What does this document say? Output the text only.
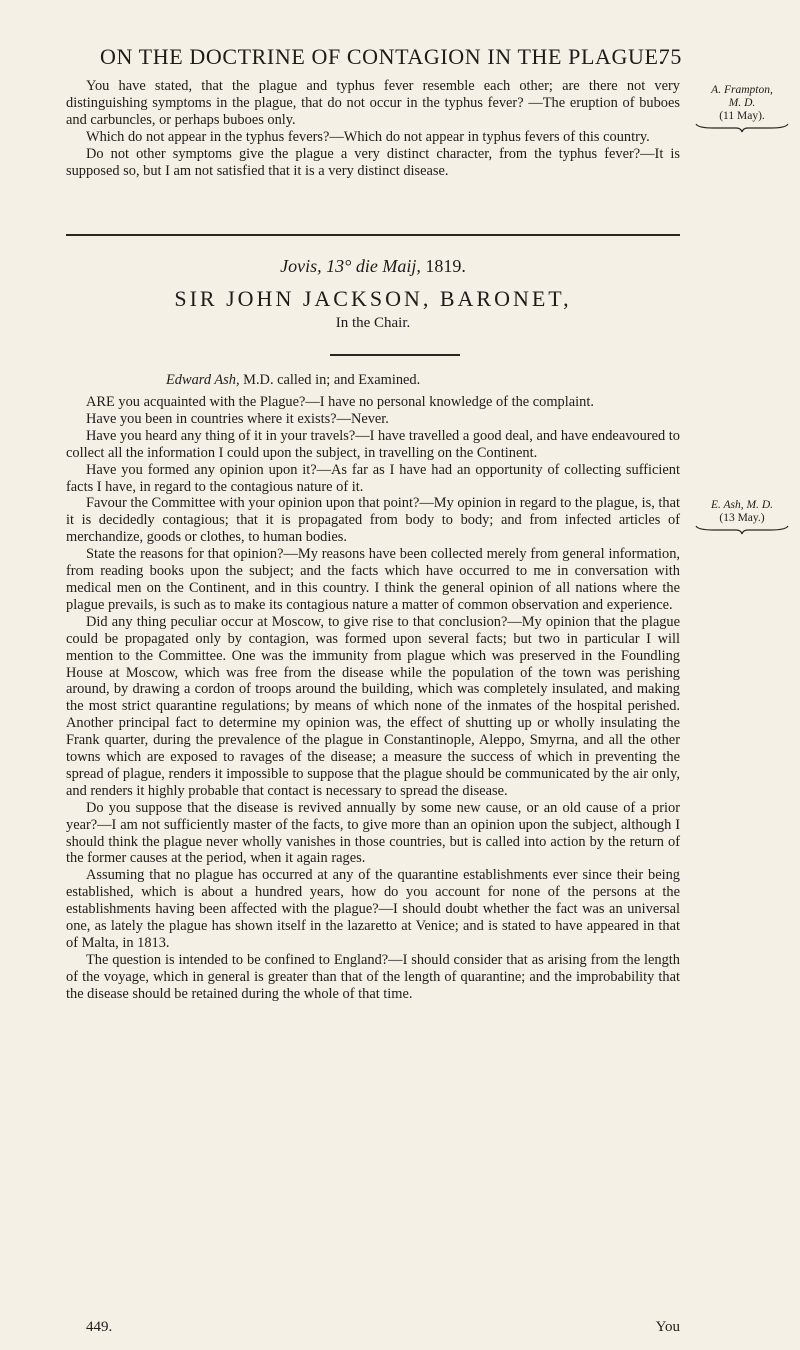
ON THE DOCTRINE OF CONTAGION IN THE PLAGUE.
75

You have stated, that the plague and typhus fever resemble each other; are there not very distinguishing symptoms in the plague, that do not occur in the typhus fever? —The eruption of buboes and carbuncles, or perhaps buboes only.

Which do not appear in the typhus fevers?—Which do not appear in typhus fevers of this country.

Do not other symptoms give the plague a very distinct character, from the typhus fever?—It is supposed so, but I am not satisfied that it is a very distinct disease.

A. Frampton,
M. D.
(11 May).
Jovis, 13° die Maij, 1819.
SIR JOHN JACKSON, BARONET,
In the Chair.
Edward Ash, M.D. called in; and Examined.

ARE you acquainted with the Plague?—I have no personal knowledge of the complaint.

Have you been in countries where it exists?—Never.

Have you heard any thing of it in your travels?—I have travelled a good deal, and have endeavoured to collect all the information I could upon the subject, in travelling on the Continent.

Have you formed any opinion upon it?—As far as I have had an opportunity of collecting sufficient facts I have, in regard to the contagious nature of it.

Favour the Committee with your opinion upon that point?—My opinion in regard to the plague, is, that it is decidedly contagious; that it is propagated from body to body; and from infected articles of merchandize, goods or clothes, to human bodies.

State the reasons for that opinion?—My reasons have been collected merely from general information, from reading books upon the subject; and the facts which have occurred to me in conversation with medical men on the Continent, and in this country. I think the general opinion of all nations where the plague prevails, is such as to make its contagious nature a matter of common observation and experience.

Did any thing peculiar occur at Moscow, to give rise to that conclusion?—My opinion that the plague could be propagated only by contagion, was formed upon several facts; but two in particular I will mention to the Committee. One was the immunity from plague which was preserved in the Foundling House at Moscow, which was free from the disease while the population of the town was perishing around, by drawing a cordon of troops around the building, which was completely insulated, and making the most strict quarantine regulations; by means of which none of the inmates of the hospital perished. Another principal fact to determine my opinion was, the effect of shutting up or wholly insulating the Frank quarter, during the prevalence of the plague in Constantinople, Aleppo, Smyrna, and all the other towns which are exposed to ravages of the disease; a measure the success of which in preventing the spread of plague, renders it impossible to suppose that the plague should be communicated by the air only, and renders it highly probable that contact is necessary to spread the disease.

Do you suppose that the disease is revived annually by some new cause, or an old cause of a prior year?—I am not sufficiently master of the facts, to give more than an opinion upon the subject, although I should think the plague never wholly vanishes in those countries, but is called into action by the return of the former causes at the period, when it again rages.

Assuming that no plague has occurred at any of the quarantine establishments ever since their being established, which is about a hundred years, how do you account for none of the persons at the establishments having been affected with the plague?—I should doubt whether the fact was an universal one, as lately the plague has shown itself in the lazaretto at Venice; and is stated to have appeared in that of Malta, in 1813.

The question is intended to be confined to England?—I should consider that as arising from the length of the voyage, which in general is greater than that of the length of quarantine; and the improbability that the disease should be retained during the whole of that time.

E. Ash, M. D.
(13 May.)
449.	You
